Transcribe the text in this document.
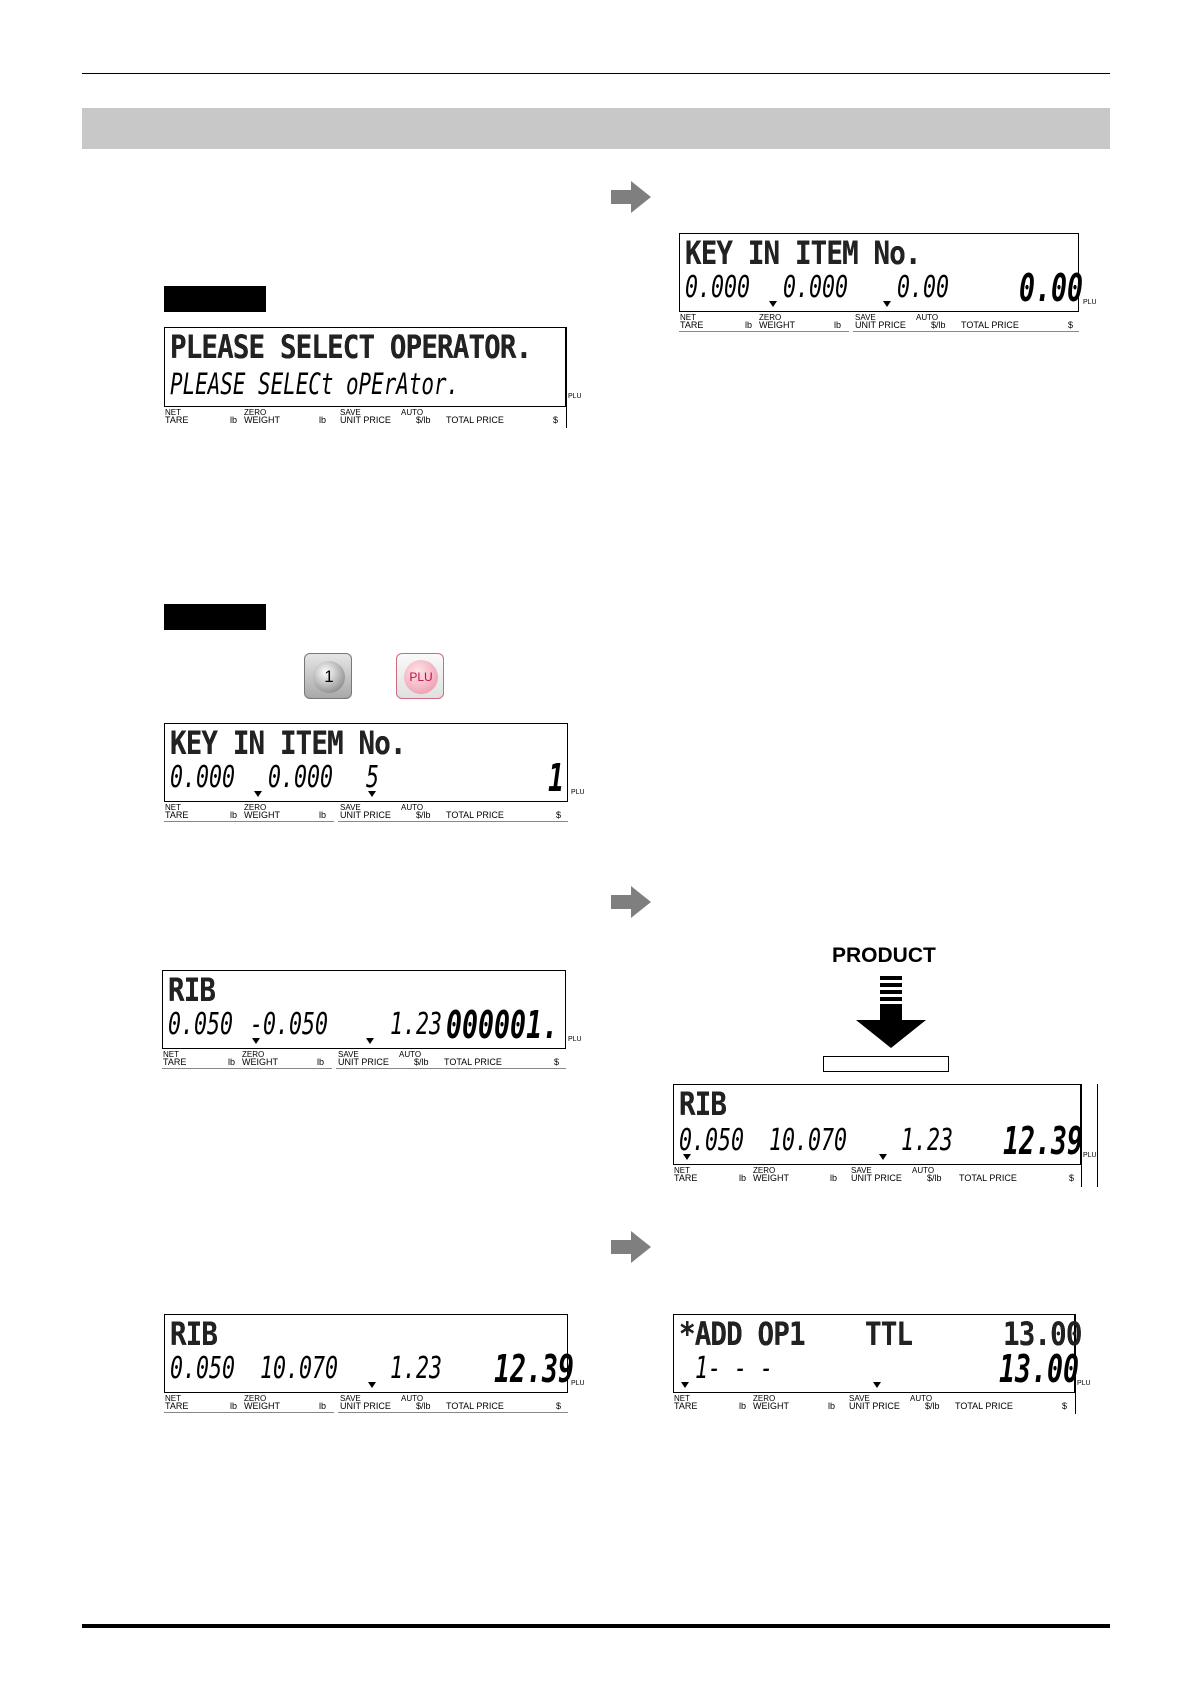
1	PLU
PRODUCT
PLEASE SELECT OPERATOR.
PLEASE SELECt oPErAtor.	PLU
NET
TARE	lb
ZERO
WEIGHT	lb
SAVE
UNIT PRICE
AUTO
$/lb TOTAL PRICE	$
KEY IN ITEM No.
0.000 0.000 0.00 0.00 PLU
NET
TARE	lb
ZERO
WEIGHT	lb
SAVE
UNIT PRICE
AUTO
$/lb TOTAL PRICE	$
KEY IN ITEM No.
0.000 0.000 5	1 PLU
NET
TARE	lb
ZERO
WEIGHT	lb
SAVE
UNIT PRICE
AUTO
$/lb TOTAL PRICE	$
RIB
0.050 -0.050 1.23 000001. PLU
NET
TARE	lb
ZERO
WEIGHT	lb
SAVE
UNIT PRICE
AUTO
$/lb TOTAL PRICE	$
RIB
0.050 10.070 1.23 12.39 PLU
NET
TARE	lb
ZERO
WEIGHT	lb
SAVE
UNIT PRICE
AUTO
$/lb TOTAL PRICE	$
RIB
0.050 10.070 1.23 12.39
PLU
NET
TARE	lb
ZERO
WEIGHT	lb
SAVE
UNIT PRICE
AUTO
$/lb TOTAL PRICE	$
*ADD OP1 TTL	13.00
1- - -	13.00
PLU
NET
TARE	lb
ZERO
WEIGHT	lb
SAVE
UNIT PRICE
AUTO
$/lb TOTAL PRICE	$
